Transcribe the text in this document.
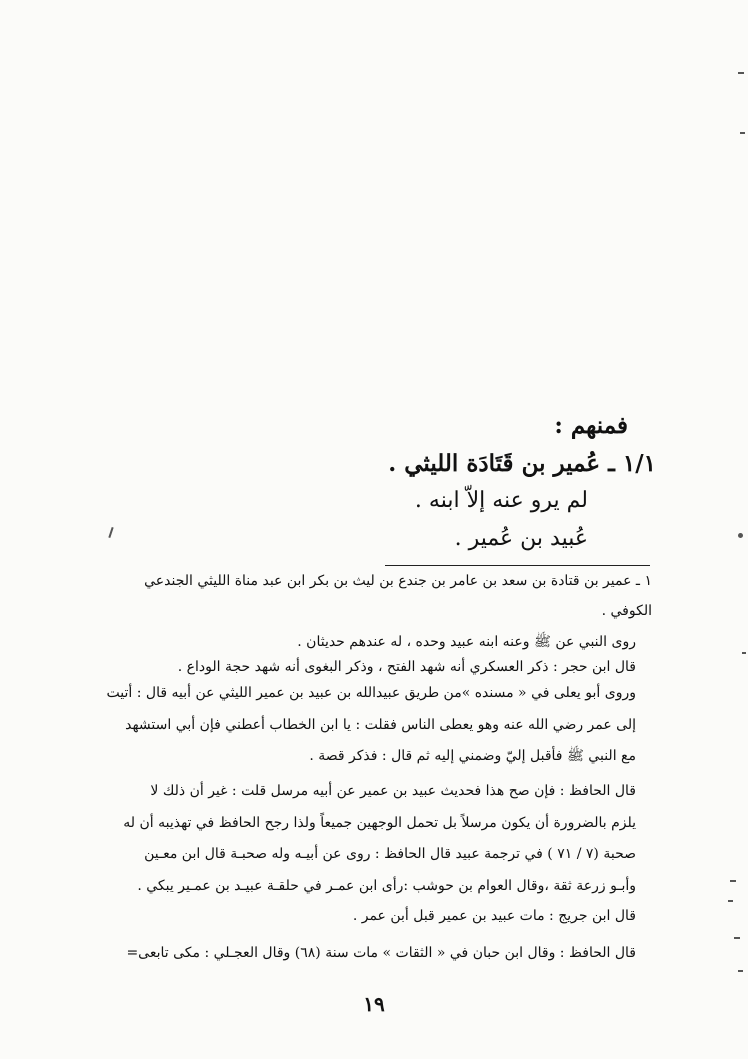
فمنهم :
١/١ ـ عُمير بن قَتَادَة الليثي .
لم يرو عنه إلاّ ابنه .
عُبيد بن عُمير .
١ ـ عمير بن قتادة بن سعد بن عامر بن جندع بن ليث بن بكر ابن عبد مناة الليثي الجندعي
الكوفي .
روى النبي عن ﷺ وعنه ابنه عبيد وحده ، له عندهم حديثان .
قال ابن حجر : ذكر العسكري أنه شهد الفتح ، وذكر البغوى أنه شهد حجة الوداع .
وروى أبو يعلى في « مسنده »من طريق عبيدالله بن عبيد بن عمير الليثي عن أبيه قال : أتيت
إلى عمر رضي الله عنه وهو يعطى الناس فقلت : يا ابن الخطاب أعطني فإن أبي استشهد
مع النبي ﷺ فأقبل إليّ وضمني إليه ثم قال : فذكر قصة .
قال الحافظ : فإن صح هذا فحديث عبيد بن عمير عن أبيه مرسل قلت : غير أن ذلك لا
يلزم بالضرورة أن يكون مرسلاً بل تحمل الوجهين جميعاً ولذا رجح الحافظ في تهذيبه أن له
صحبة (٧ / ٧١ ) في ترجمة عبيد قال الحافظ : روى عن أبيـه وله صحبـة قال ابن معـين
وأبـو زرعة ثقة ،وقال العوام بن حوشب :رأى ابن عمـر في حلقـة عبيـد بن عمـير يبكي .
قال ابن جريج : مات عبيد بن عمير قبل أبن عمر .
قال الحافظ : وقال ابن حبان في « الثقات » مات سنة (٦٨) وقال العجـلي : مكى تابعى=
١٩
